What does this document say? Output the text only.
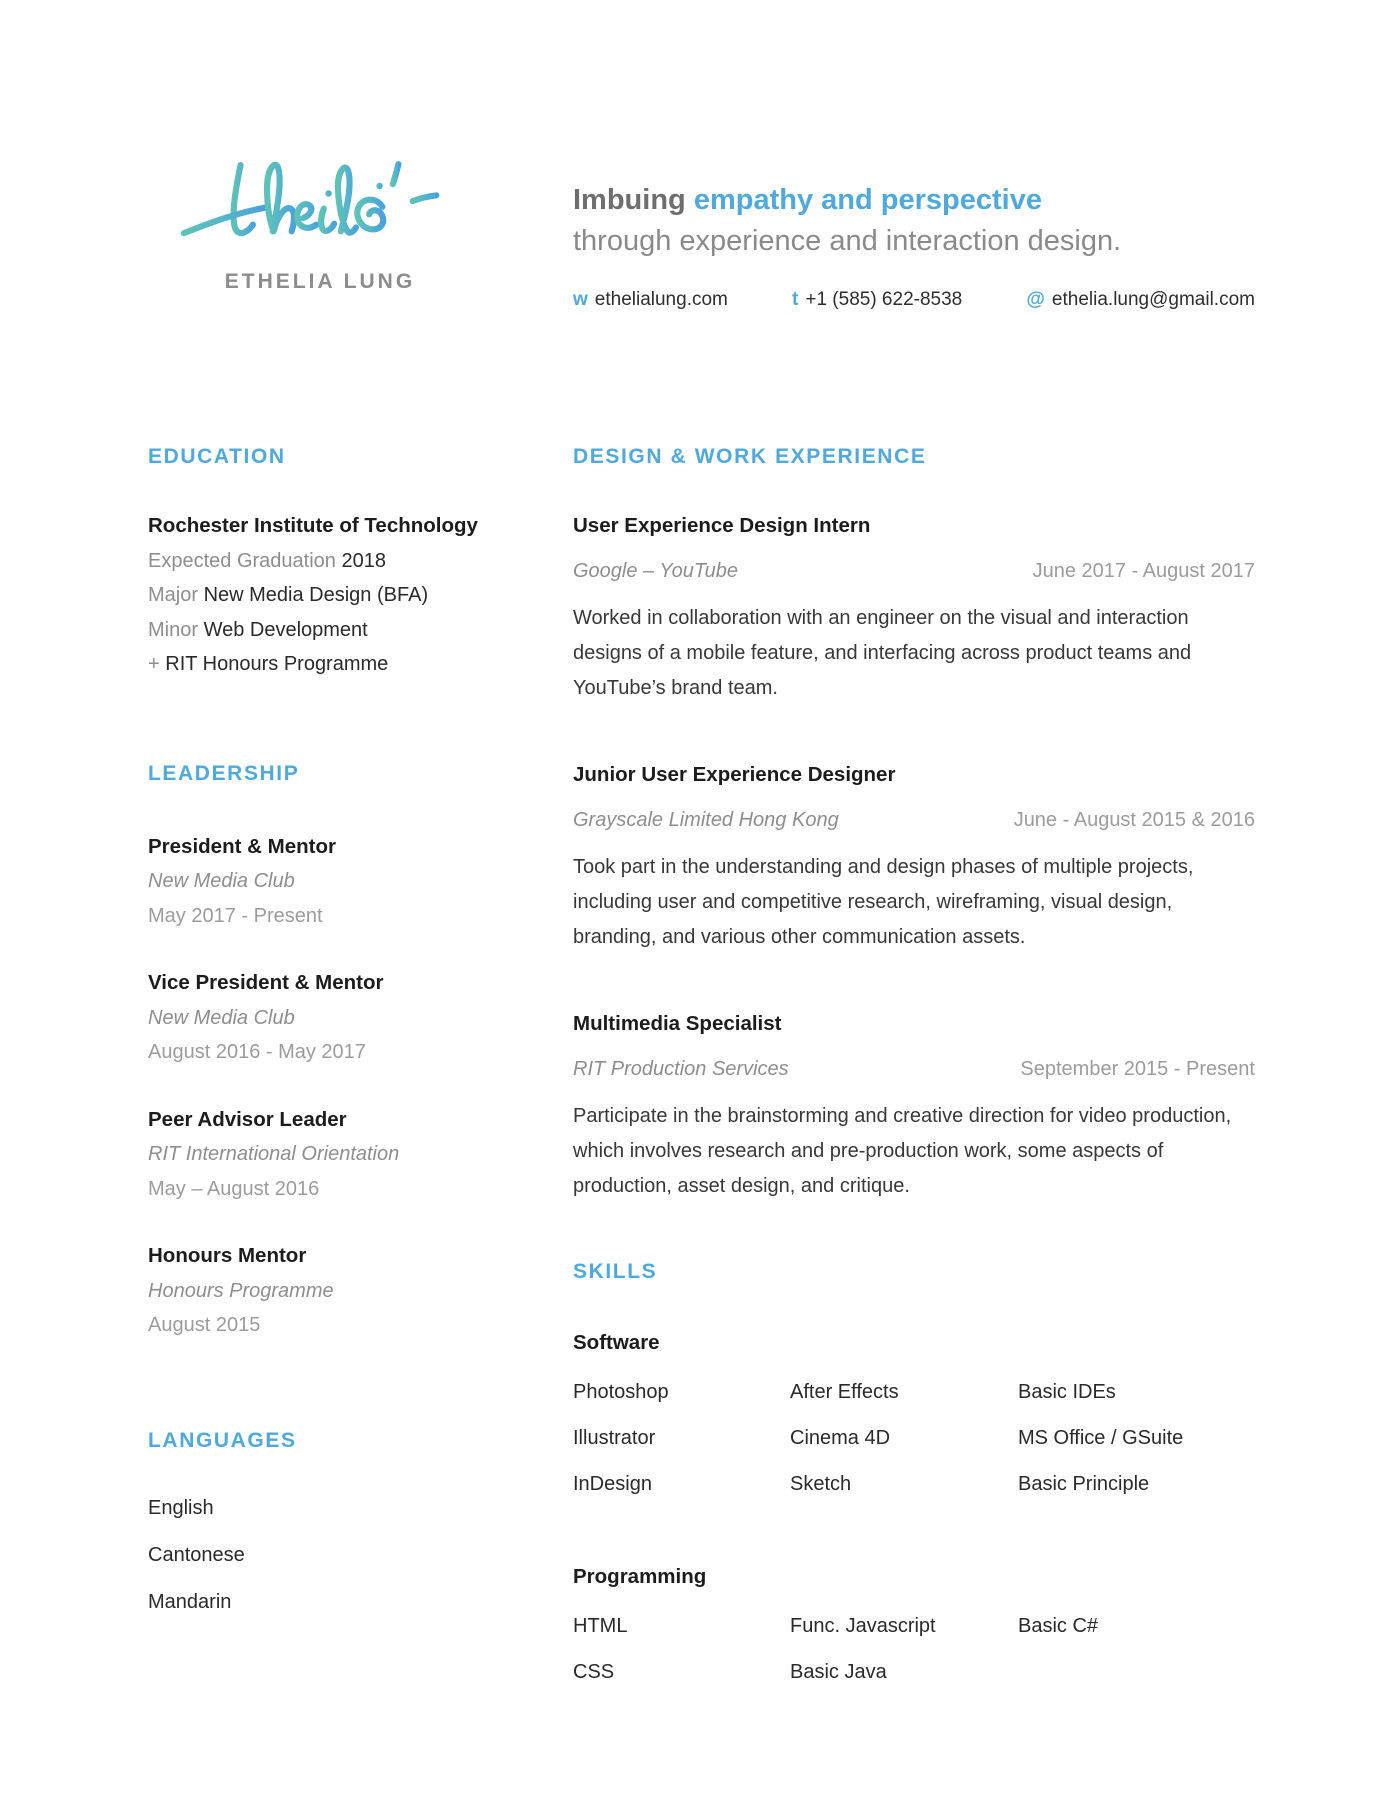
ETHELIA LUNG
Imbuing empathy and perspective
through experience and interaction design.
w ethelialung.com	t +1 (585) 622-8538	@ ethelia.lung@gmail.com
EDUCATION
Rochester Institute of Technology
Expected Graduation 2018
Major New Media Design (BFA)
Minor Web Development
+ RIT Honours Programme
LEADERSHIP
President & Mentor
New Media Club
May 2017 - Present
Vice President & Mentor
New Media Club
August 2016 - May 2017
Peer Advisor Leader
RIT International Orientation
May – August 2016
Honours Mentor
Honours Programme
August 2015
LANGUAGES
English
Cantonese
Mandarin
DESIGN & WORK EXPERIENCE
User Experience Design Intern
Google – YouTube	June 2017 - August 2017

Worked in collaboration with an engineer on the visual and interaction designs of a mobile feature, and interfacing across product teams and YouTube’s brand team.

Junior User Experience Designer
Grayscale Limited Hong Kong	June - August 2015 & 2016

Took part in the understanding and design phases of multiple projects, including user and competitive research, wireframing, visual design, branding, and various other communication assets.

Multimedia Specialist
RIT Production Services	September 2015 - Present

Participate in the brainstorming and creative direction for video production, which involves research and pre-production work, some aspects of production, asset design, and critique.

SKILLS
Software
Photoshop	After Effects	Basic IDEs
Illustrator	Cinema 4D	MS Office / GSuite
InDesign	Sketch	Basic Principle
Programming
HTML	Func. Javascript	Basic C#
CSS	Basic Java
